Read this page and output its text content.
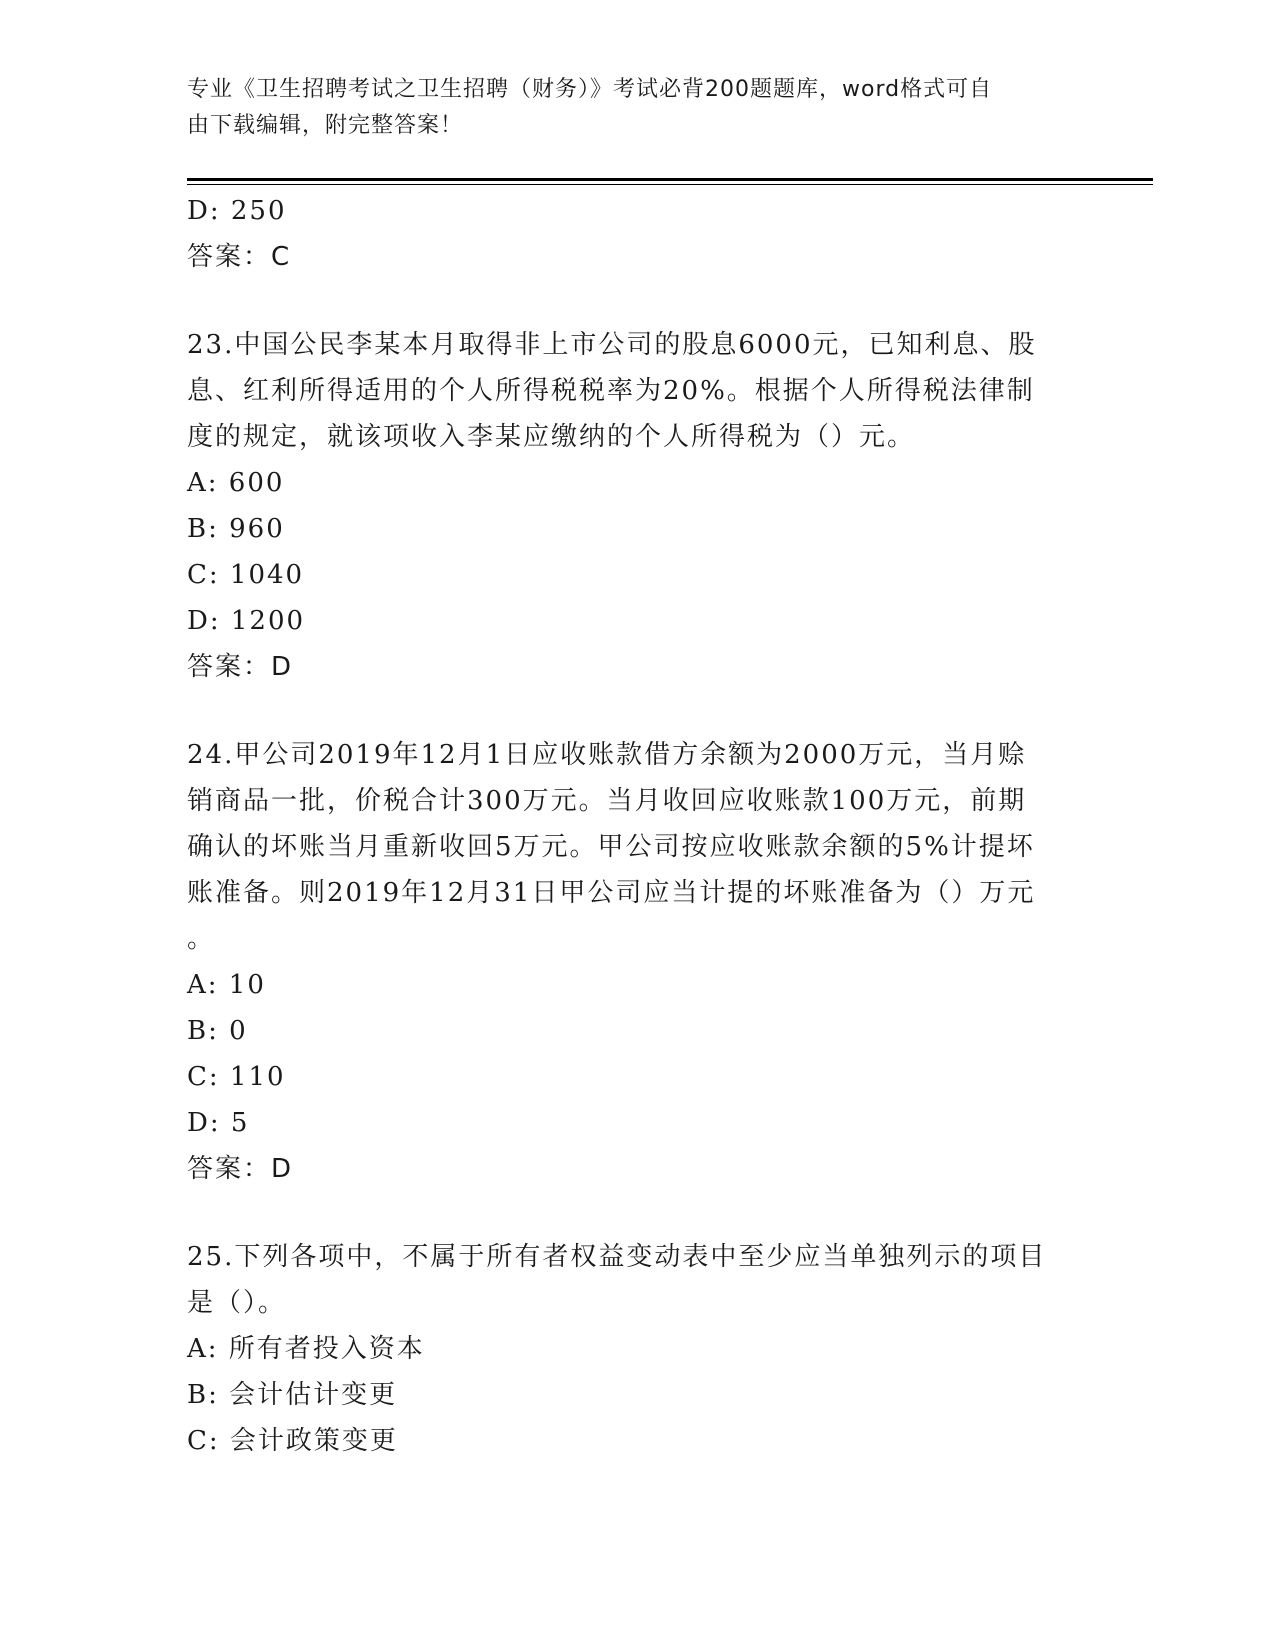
专业《卫生招聘考试之卫生招聘（财务）》考试必背200题题库，word格式可自
由下载编辑，附完整答案！
D: 250
答案：C
23.中国公民李某本月取得非上市公司的股息6000元，已知利息、股
息、红利所得适用的个人所得税税率为20%。根据个人所得税法律制
度的规定，就该项收入李某应缴纳的个人所得税为（）元。
A: 600
B: 960
C: 1040
D: 1200
答案：D
24.甲公司2019年12月1日应收账款借方余额为2000万元，当月赊
销商品一批，价税合计300万元。当月收回应收账款100万元，前期
确认的坏账当月重新收回5万元。甲公司按应收账款余额的5%计提坏
账准备。则2019年12月31日甲公司应当计提的坏账准备为（）万元
。
A: 10
B: 0
C: 110
D: 5
答案：D
25.下列各项中，不属于所有者权益变动表中至少应当单独列示的项目
是（）。
A: 所有者投入资本
B: 会计估计变更
C: 会计政策变更
